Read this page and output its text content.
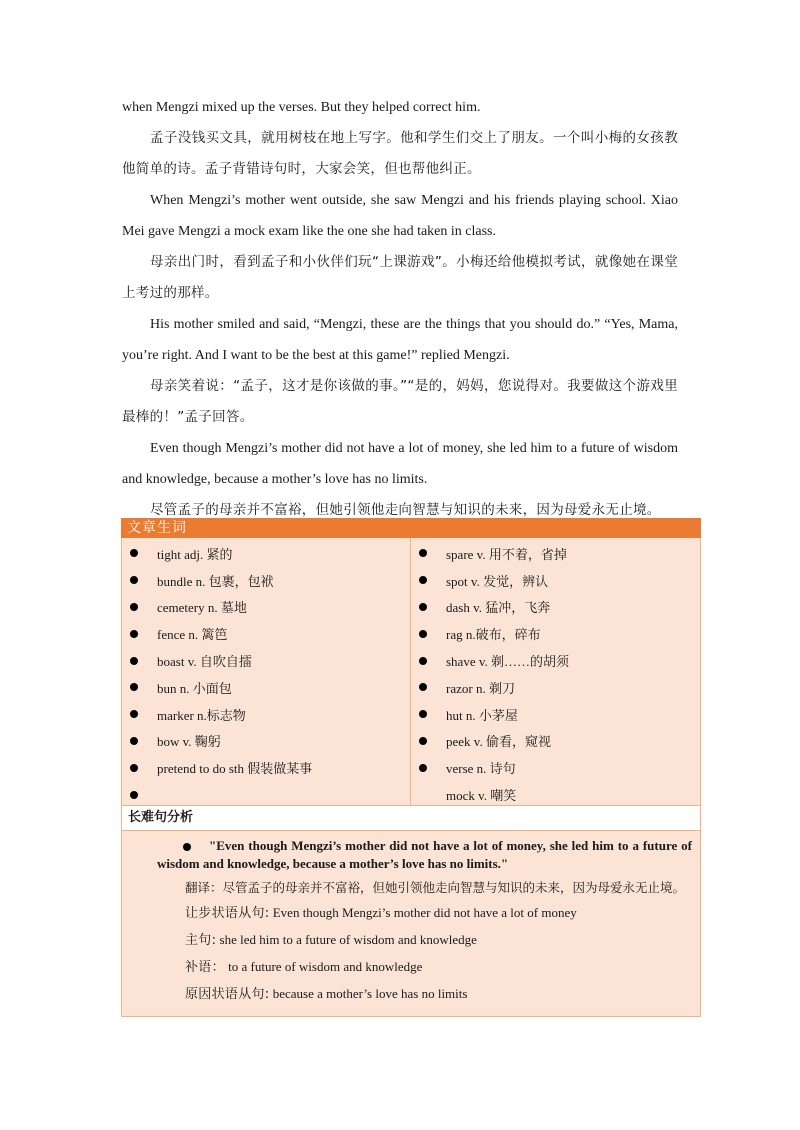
when Mengzi mixed up the verses. But they helped correct him.

孟子没钱买文具，就用树枝在地上写字。他和学生们交上了朋友。一个叫小梅的女孩教他简单的诗。孟子背错诗句时，大家会笑，但也帮他纠正。

When Mengzi’s mother went outside, she saw Mengzi and his friends playing school. Xiao Mei gave Mengzi a mock exam like the one she had taken in class.

母亲出门时，看到孟子和小伙伴们玩“上课游戏”。小梅还给他模拟考试，就像她在课堂上考过的那样。

His mother smiled and said, “Mengzi, these are the things that you should do.” “Yes, Mama, you’re right. And I want to be the best at this game!” replied Mengzi.

母亲笑着说：“孟子，这才是你该做的事。”“是的，妈妈，您说得对。我要做这个游戏里最棒的！”孟子回答。

Even though Mengzi’s mother did not have a lot of money, she led him to a future of wisdom and knowledge, because a mother’s love has no limits.

尽管孟子的母亲并不富裕，但她引领他走向智慧与知识的未来，因为母爱永无止境。

文章生词
tight adj. 紧的
bundle n. 包裹，包袱
cemetery n. 墓地
fence n. 篱笆
boast v. 自吹自擂
bun n. 小面包
marker n.标志物
bow v. 鞠躬
pretend to do sth 假装做某事
spare v. 用不着，省掉
spot v. 发觉，辨认
dash v. 猛冲，飞奔
rag n.破布，碎布
shave v. 剃……的胡须
razor n. 剃刀
hut n. 小茅屋
peek v. 偷看，窥视
verse n. 诗句
mock v. 嘲笑
长难句分析

"Even though Mengzi’s mother did not have a lot of money, she led him to a future of wisdom and knowledge, because a mother’s love has no limits."

翻译：尽管孟子的母亲并不富裕，但她引领他走向智慧与知识的未来，因为母爱永无止境。

让步状语从句: Even though Mengzi’s mother did not have a lot of money

主句: she led him to a future of wisdom and knowledge

补语： to a future of wisdom and knowledge

原因状语从句: because a mother’s love has no limits
